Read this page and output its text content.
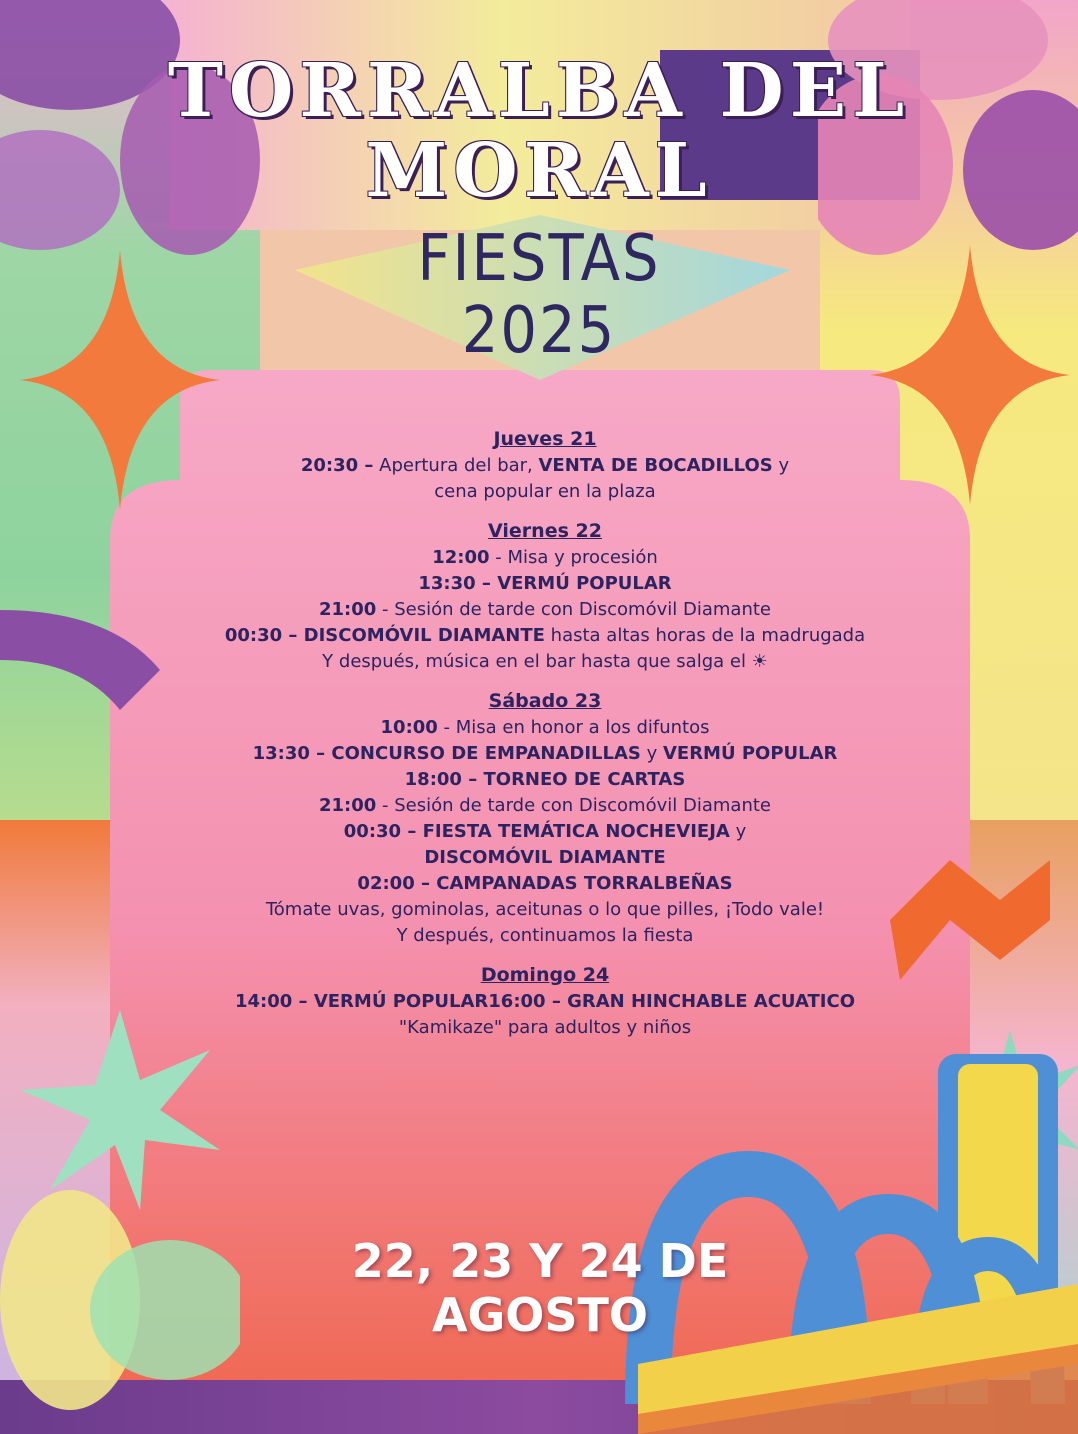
TORRALBA DEL
MORAL
FIESTAS
2025
Jueves 21
20:30 – Apertura del bar, VENTA DE BOCADILLOS y
cena popular en la plaza
Viernes 22
12:00 - Misa y procesión
13:30 – VERMÚ POPULAR
21:00 - Sesión de tarde con Discomóvil Diamante
00:30 – DISCOMÓVIL DIAMANTE hasta altas horas de la madrugada
Y después, música en el bar hasta que salga el ☀
Sábado 23
10:00 - Misa en honor a los difuntos
13:30 – CONCURSO DE EMPANADILLAS y VERMÚ POPULAR
18:00 – TORNEO DE CARTAS
21:00 - Sesión de tarde con Discomóvil Diamante
00:30 – FIESTA TEMÁTICA NOCHEVIEJA y
DISCOMÓVIL DIAMANTE
02:00 – CAMPANADAS TORRALBEÑAS
Tómate uvas, gominolas, aceitunas o lo que pilles, ¡Todo vale!
Y después, continuamos la fiesta
Domingo 24
14:00 – VERMÚ POPULAR16:00 – GRAN HINCHABLE ACUATICO
"Kamikaze" para adultos y niños
22, 23 Y 24 DE
AGOSTO
